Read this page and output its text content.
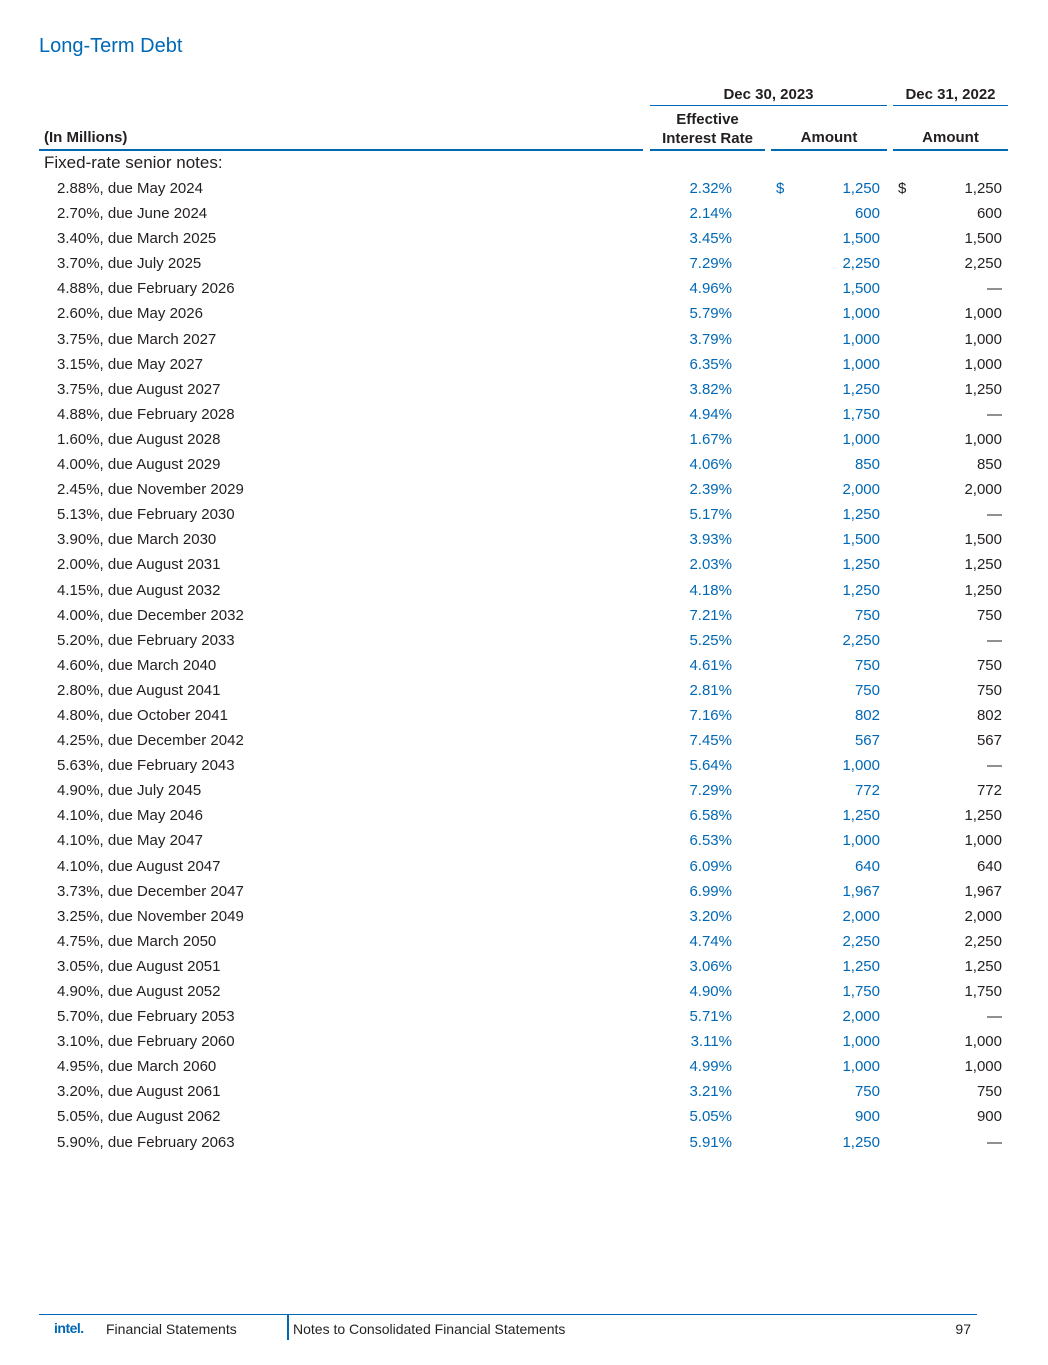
Long-Term Debt
Dec 30, 2023	Dec 31, 2022
Effective
Interest Rate	Amount	Amount
(In Millions)
Fixed-rate senior notes:
2.88%, due May 2024	2.32%	1,250	1,250
$	$
2.70%, due June 2024	2.14%	600	600
3.40%, due March 2025	3.45%	1,500	1,500
3.70%, due July 2025	7.29%	2,250	2,250
4.88%, due February 2026	4.96%	1,500	—
2.60%, due May 2026	5.79%	1,000	1,000
3.75%, due March 2027	3.79%	1,000	1,000
3.15%, due May 2027	6.35%	1,000	1,000
3.75%, due August 2027	3.82%	1,250	1,250
4.88%, due February 2028	4.94%	1,750	—
1.60%, due August 2028	1.67%	1,000	1,000
4.00%, due August 2029	4.06%	850	850
2.45%, due November 2029	2.39%	2,000	2,000
5.13%, due February 2030	5.17%	1,250	—
3.90%, due March 2030	3.93%	1,500	1,500
2.00%, due August 2031	2.03%	1,250	1,250
4.15%, due August 2032	4.18%	1,250	1,250
4.00%, due December 2032	7.21%	750	750
5.20%, due February 2033	5.25%	2,250	—
4.60%, due March 2040	4.61%	750	750
2.80%, due August 2041	2.81%	750	750
4.80%, due October 2041	7.16%	802	802
4.25%, due December 2042	7.45%	567	567
5.63%, due February 2043	5.64%	1,000	—
4.90%, due July 2045	7.29%	772	772
4.10%, due May 2046	6.58%	1,250	1,250
4.10%, due May 2047	6.53%	1,000	1,000
4.10%, due August 2047	6.09%	640	640
3.73%, due December 2047	6.99%	1,967	1,967
3.25%, due November 2049	3.20%	2,000	2,000
4.75%, due March 2050	4.74%	2,250	2,250
3.05%, due August 2051	3.06%	1,250	1,250
4.90%, due August 2052	4.90%	1,750	1,750
5.70%, due February 2053	5.71%	2,000	—
3.10%, due February 2060	3.11%	1,000	1,000
4.95%, due March 2060	4.99%	1,000	1,000
3.20%, due August 2061	3.21%	750	750
5.05%, due August 2062	5.05%	900	900
5.90%, due February 2063	5.91%	1,250	—
intel. Financial Statements	Notes to Consolidated Financial Statements	97
